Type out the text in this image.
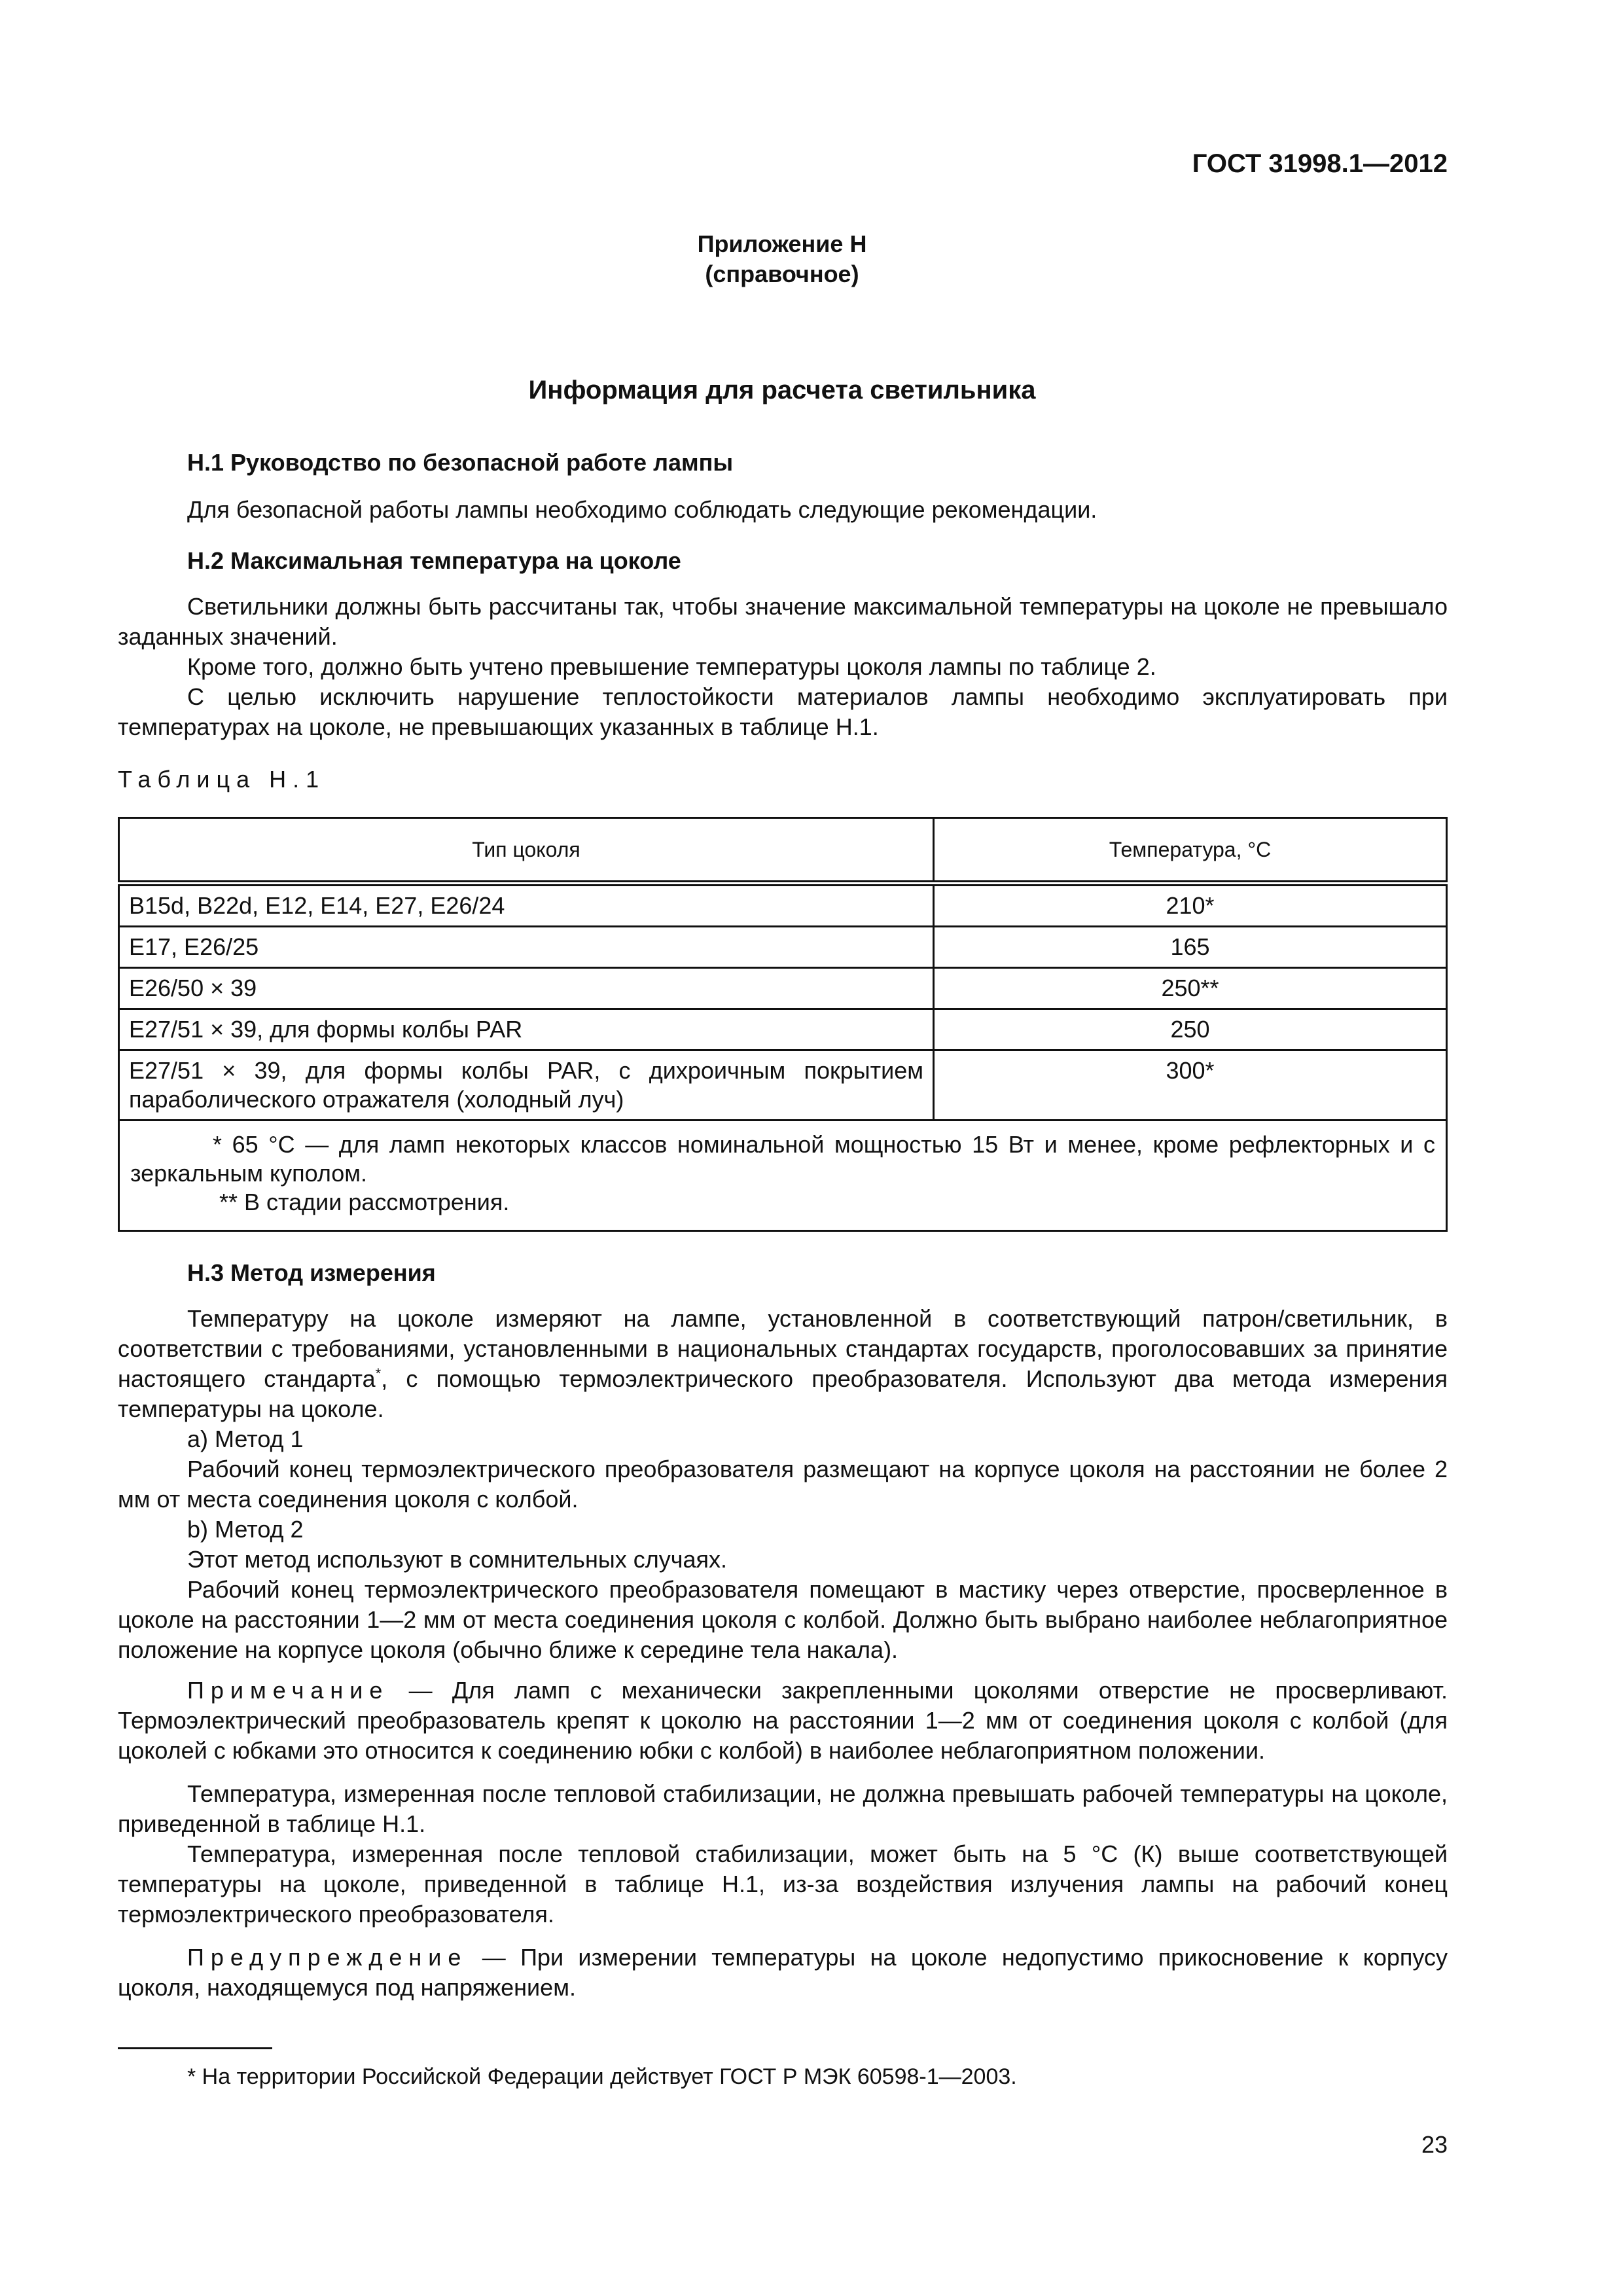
ГОСТ 31998.1—2012
Приложение Н
(справочное)
Информация для расчета светильника
Н.1 Руководство по безопасной работе лампы
Для безопасной работы лампы необходимо соблюдать следующие рекомендации.
Н.2 Максимальная температура на цоколе
Светильники должны быть рассчитаны так, чтобы значение максимальной температуры на цоколе не превышало заданных значений.
Кроме того, должно быть учтено превышение температуры цоколя лампы по таблице 2.
С целью исключить нарушение теплостойкости материалов лампы необходимо эксплуатировать при температурах на цоколе, не превышающих указанных в таблице Н.1.
Таблица Н.1
Тип цоколя	Температура, °С
B15d, B22d, E12, E14, E27, E26/24	210*
E17, E26/25	165
E26/50 × 39	250**
E27/51 × 39, для формы колбы PAR	250
E27/51 × 39, для формы колбы PAR, с дихроичным покрытием параболического отражателя (холодный луч)	300*

* 65 °С — для ламп некоторых классов номинальной мощностью 15 Вт и менее, кроме рефлекторных и с зеркальным куполом.
** В стадии рассмотрения.	
Н.3 Метод измерения
Температуру на цоколе измеряют на лампе, установленной в соответствующий патрон/светильник, в соответствии с требованиями, установленными в национальных стандартах государств, проголосовавших за принятие настоящего стандарта*, с помощью термоэлектрического преобразователя. Используют два метода измерения температуры на цоколе.
а) Метод 1
Рабочий конец термоэлектрического преобразователя размещают на корпусе цоколя на расстоянии не более 2 мм от места соединения цоколя с колбой.
b) Метод 2
Этот метод используют в сомнительных случаях.
Рабочий конец термоэлектрического преобразователя помещают в мастику через отверстие, просверленное в цоколе на расстоянии 1—2 мм от места соединения цоколя с колбой. Должно быть выбрано наиболее неблагоприятное положение на корпусе цоколя (обычно ближе к середине тела накала).
Примечание — Для ламп с механически закрепленными цоколями отверстие не просверливают. Термоэлектрический преобразователь крепят к цоколю на расстоянии 1—2 мм от соединения цоколя с колбой (для цоколей с юбками это относится к соединению юбки с колбой) в наиболее неблагоприятном положении.
Температура, измеренная после тепловой стабилизации, не должна превышать рабочей температуры на цоколе, приведенной в таблице Н.1.
Температура, измеренная после тепловой стабилизации, может быть на 5 °С (К) выше соответствующей температуры на цоколе, приведенной в таблице Н.1, из-за воздействия излучения лампы на рабочий конец термоэлектрического преобразователя.
Предупреждение — При измерении температуры на цоколе недопустимо прикосновение к корпусу цоколя, находящемуся под напряжением.
* На территории Российской Федерации действует ГОСТ Р МЭК 60598-1—2003.
23
